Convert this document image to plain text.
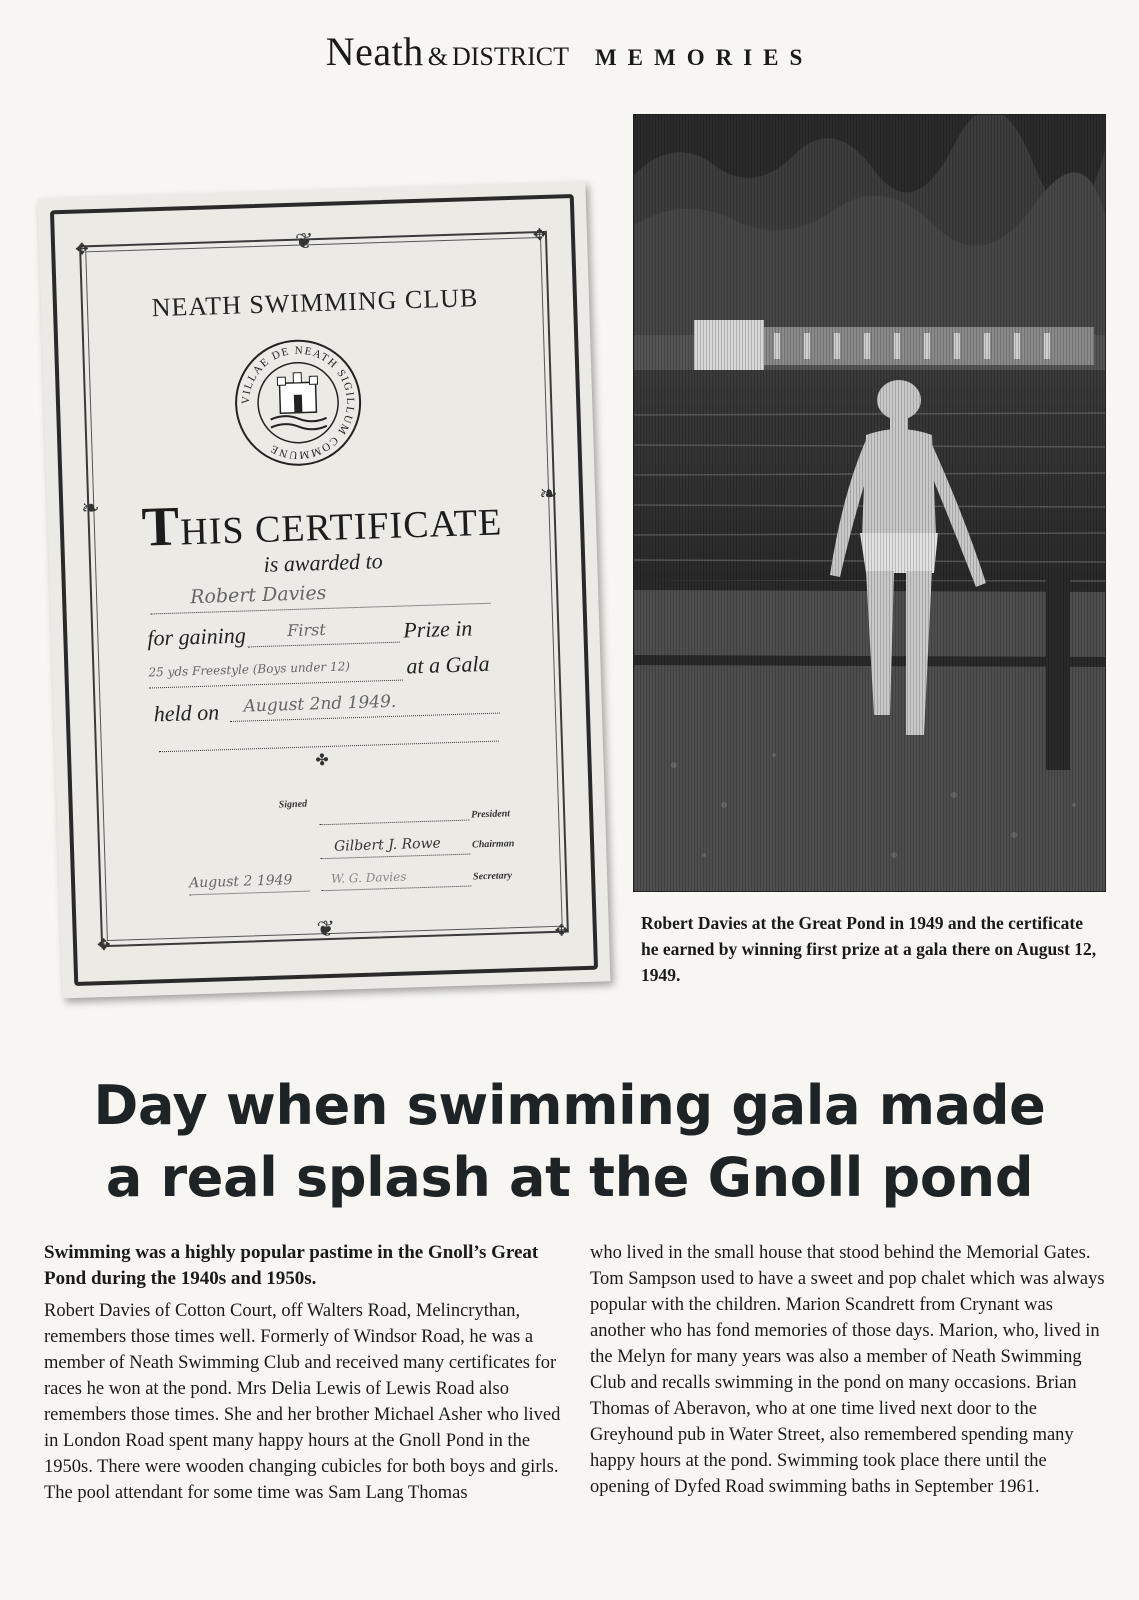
Neath & DISTRICT MEMORIES
❦
❦
❧
❧
✥
✥
✥
✥
NEATH SWIMMING CLUB
VILLAE DE NEATH SIGILLUM COMMUNE
THIS CERTIFICATE
is awarded to
Robert Davies
for gaining	First	Prize in
25 yds Freestyle (Boys under 12)	at a Gala
held on	August 2nd 1949.
✤
Signed
President
Gilbert J. Rowe	Chairman
August 2 1949	W. G. Davies	Secretary
Robert Davies at the Great Pond in 1949 and the certificate he earned by winning first prize at a gala there on August 12, 1949.
Day when swimming gala made
a real splash at the Gnoll pond
Swimming was a highly popular pastime in the Gnoll’s Great Pond during the 1940s and 1950s.
Robert Davies of Cotton Court, off Walters Road, Melincrythan, remembers those times well. Formerly of Windsor Road, he was a member of Neath Swimming Club and received many certificates for races he won at the pond. Mrs Delia Lewis of Lewis Road also remembers those times. She and her brother Michael Asher who lived in London Road spent many happy hours at the Gnoll Pond in the 1950s. There were wooden changing cubicles for both boys and girls. The pool attendant for some time was Sam Lang Thomas
who lived in the small house that stood behind the Memorial Gates. Tom Sampson used to have a sweet and pop chalet which was always popular with the children. Marion Scandrett from Crynant was another who has fond memories of those days. Marion, who, lived in the Melyn for many years was also a member of Neath Swimming Club and recalls swimming in the pond on many occasions. Brian Thomas of Aberavon, who at one time lived next door to the Greyhound pub in Water Street, also remembered spending many happy hours at the pond. Swimming took place there until the opening of Dyfed Road swimming baths in September 1961.
